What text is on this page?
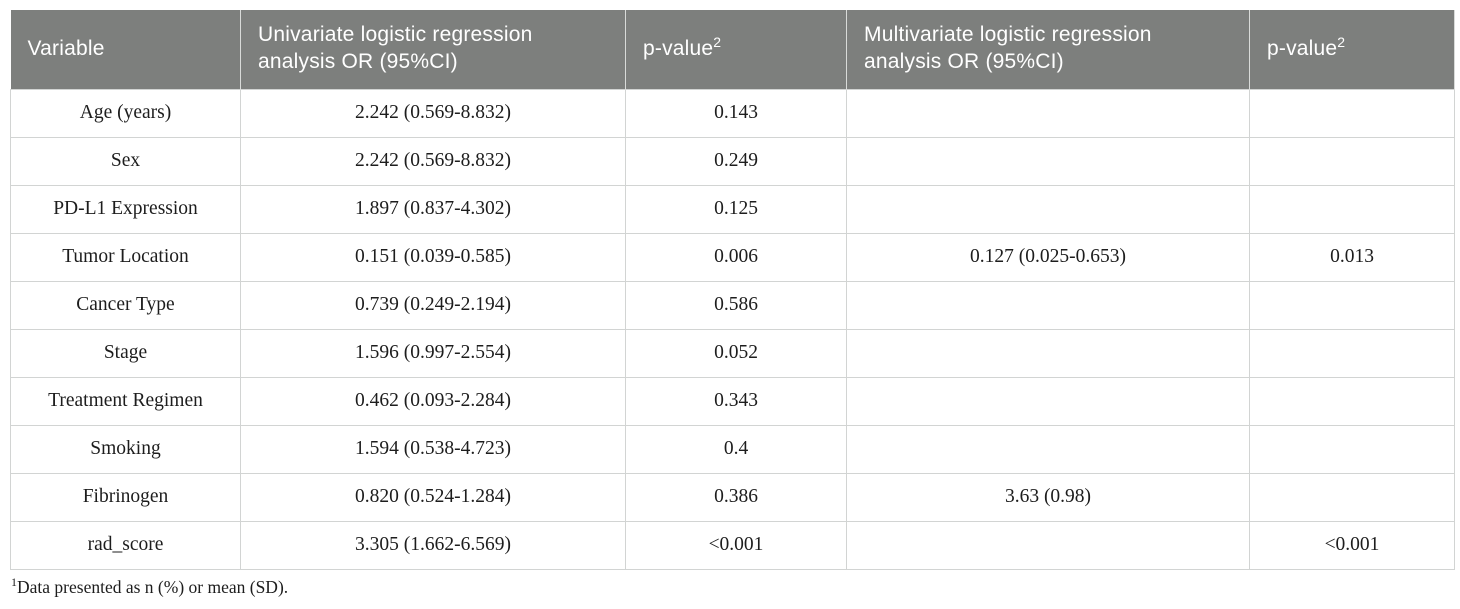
Variable	Univariate logistic regression analysis OR (95%CI)	p-value$^2$	Multivariate logistic regression analysis OR (95%CI)	p-value$^2$
Age (years)	2.242 (0.569-8.832)	0.143		
Sex	2.242 (0.569-8.832)	0.249		
PD-L1 Expression	1.897 (0.837-4.302)	0.125		
Tumor Location	0.151 (0.039-0.585)	0.006	0.127 (0.025-0.653)	0.013
Cancer Type	0.739 (0.249-2.194)	0.586		
Stage	1.596 (0.997-2.554)	0.052		
Treatment Regimen	0.462 (0.093-2.284)	0.343		
Smoking	1.594 (0.538-4.723)	0.4		
Fibrinogen	0.820 (0.524-1.284)	0.386	3.63 (0.98)	
rad_score	3.305 (1.662-6.569)	<0.001		<0.001
$^1$Data presented as n (%) or mean (SD).
